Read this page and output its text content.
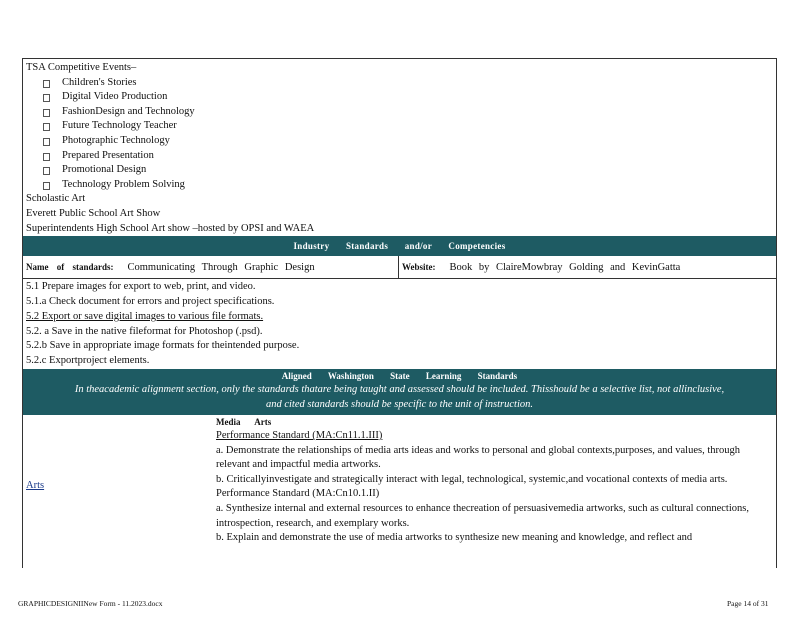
TSA Competitive Events–
Children's Stories
Digital Video Production
FashionDesign and Technology
Future Technology Teacher
Photographic Technology
Prepared Presentation
Promotional Design
Technology Problem Solving
Scholastic Art
Everett Public School Art Show
Superintendents High School Art show –hosted by OPSI and WAEA
Industry Standards and/or Competencies
Name of standards: Communicating Through Graphic Design	Website: Book by ClaireMowbray Golding and KevinGatta
5.1 Prepare images for export to web, print, and video.
5.1.a Check document for errors and project specifications.
5.2 Export or save digital images to various file formats.
5.2. a Save in the native fileformat for Photoshop (.psd).
5.2.b Save in appropriate image formats for theintended purpose.
5.2.c Exportproject elements.
Aligned Washington State Learning Standards
In theacademic alignment section, only the standards thatare being taught and assessed should be included. Thisshould be a selective list, not allinclusive,
and cited standards should be specific to the unit of instruction.
Arts
Media Arts
Performance Standard (MA:Cn11.1.III)
a. Demonstrate the relationships of media arts ideas and works to personal and global contexts,purposes, and values, through relevant and impactful media artworks.
b. Criticallyinvestigate and strategically interact with legal, technological, systemic,and vocational contexts of media arts.
Performance Standard (MA:Cn10.1.II)
a. Synthesize internal and external resources to enhance thecreation of persuasivemedia artworks, such as cultural connections, introspection, research, and exemplary works.
b. Explain and demonstrate the use of media artworks to synthesize new meaning and knowledge, and reflect and
GRAPHICDESIGNIINew Form - 11.2023.docx	Page 14 of 31
